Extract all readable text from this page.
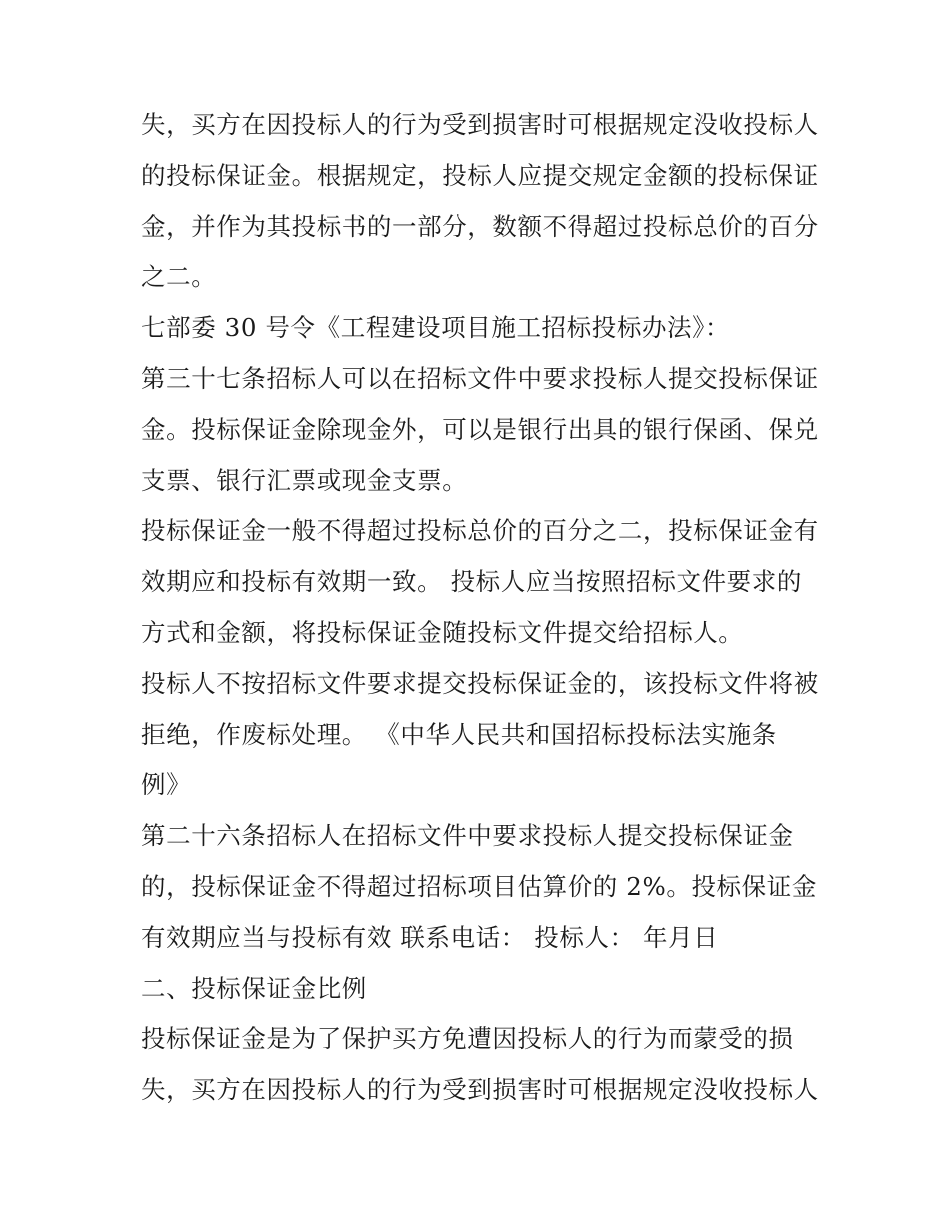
失，买方在因投标人的行为受到损害时可根据规定没收投标人
的投标保证金。根据规定，投标人应提交规定金额的投标保证
金，并作为其投标书的一部分，数额不得超过投标总价的百分
之二。
七部委 30 号令《工程建设项目施工招标投标办法》：
第三十七条招标人可以在招标文件中要求投标人提交投标保证
金。投标保证金除现金外，可以是银行出具的银行保函、保兑
支票、银行汇票或现金支票。
投标保证金一般不得超过投标总价的百分之二，投标保证金有
效期应和投标有效期一致。 投标人应当按照招标文件要求的
方式和金额，将投标保证金随投标文件提交给招标人。
投标人不按招标文件要求提交投标保证金的，该投标文件将被
拒绝，作废标处理。 《中华人民共和国招标投标法实施条
例》
第二十六条招标人在招标文件中要求投标人提交投标保证金
的，投标保证金不得超过招标项目估算价的 2%。投标保证金
有效期应当与投标有效 联系电话： 投标人： 年月日
二、投标保证金比例
投标保证金是为了保护买方免遭因投标人的行为而蒙受的损
失，买方在因投标人的行为受到损害时可根据规定没收投标人
